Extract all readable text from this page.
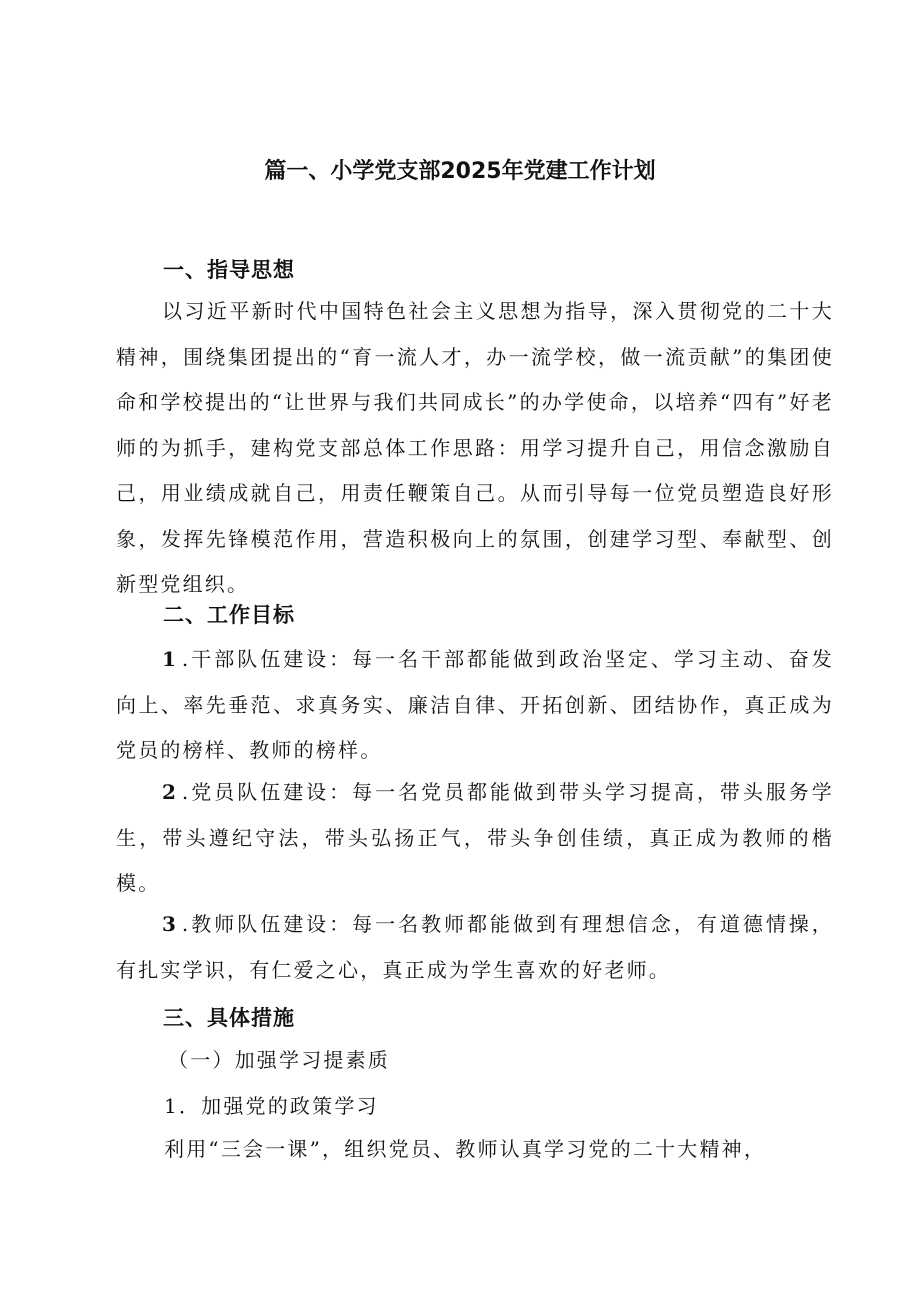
篇一、小学党支部2025年党建工作计划
一、指导思想

以习近平新时代中国特色社会主义思想为指导，深入贯彻党的二十大精神，围绕集团提出的“育一流人才，办一流学校，做一流贡献”的集团使命和学校提出的“让世界与我们共同成长”的办学使命，以培养“四有”好老师的为抓手，建构党支部总体工作思路：用学习提升自己，用信念激励自己，用业绩成就自己，用责任鞭策自己。从而引导每一位党员塑造良好形象，发挥先锋模范作用，营造积极向上的氛围，创建学习型、奉献型、创新型党组织。

二、工作目标

1.干部队伍建设：每一名干部都能做到政治坚定、学习主动、奋发向上、率先垂范、求真务实、廉洁自律、开拓创新、团结协作，真正成为党员的榜样、教师的榜样。

2.党员队伍建设：每一名党员都能做到带头学习提高，带头服务学生，带头遵纪守法，带头弘扬正气，带头争创佳绩，真正成为教师的楷模。

3.教师队伍建设：每一名教师都能做到有理想信念，有道德情操，有扎实学识，有仁爱之心，真正成为学生喜欢的好老师。

三、具体措施
（一）加强学习提素质
1．加强党的政策学习
利用“三会一课”，组织党员、教师认真学习党的二十大精神，
